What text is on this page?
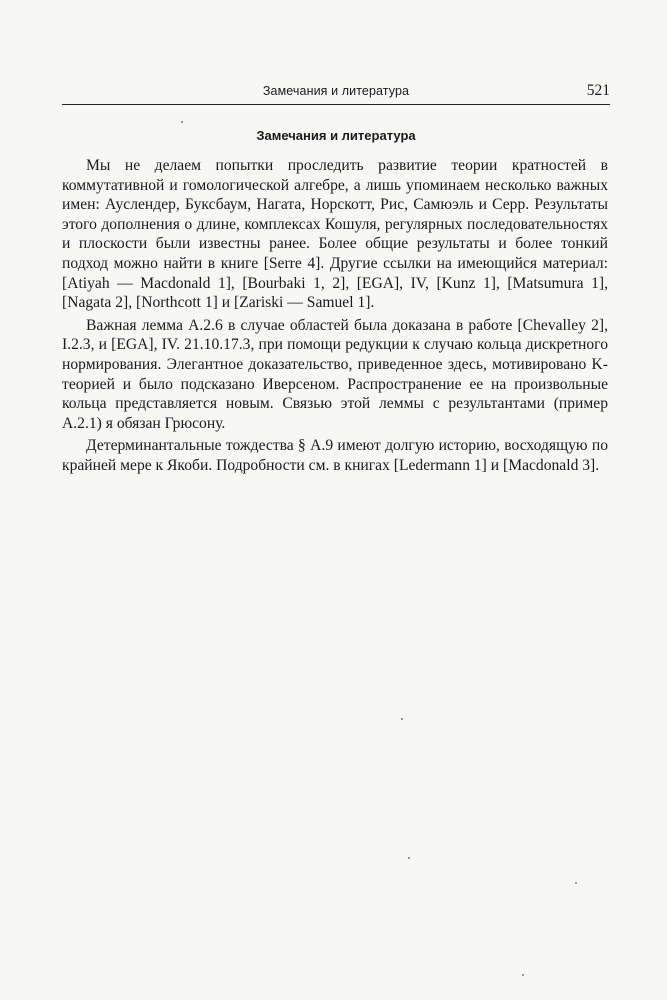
Замечания и литература	521
Замечания и литература

Мы не делаем попытки проследить развитие теории кратностей в коммутативной и гомологической алгебре, а лишь упоминаем несколько важных имен: Ауслендер, Буксбаум, Нагата, Норскотт, Рис, Самюэль и Серр. Результаты этого дополнения о длине, комплексах Кошуля, регулярных последовательностях и плоскости были известны ранее. Более общие результаты и более тонкий подход можно найти в книге [Serre 4]. Другие ссылки на имеющийся материал: [Atiyah — Macdonald 1], [Bourbaki 1, 2], [EGA], IV, [Kunz 1], [Matsumura 1], [Nagata 2], [Northcott 1] и [Zariski — Samuel 1].

Важная лемма A.2.6 в случае областей была доказана в работе [Chevalley 2], I.2.3, и [EGA], IV. 21.10.17.3, при помощи редукции к случаю кольца дискретного нормирования. Элегантное доказательство, приведенное здесь, мотивировано K-теорией и было подсказано Иверсеном. Распространение ее на произвольные кольца представляется новым. Связью этой леммы с результантами (пример A.2.1) я обязан Грюсону.

Детерминантальные тождества § A.9 имеют долгую историю, восходящую по крайней мере к Якоби. Подробности см. в книгах [Ledermann 1] и [Macdonald 3].
